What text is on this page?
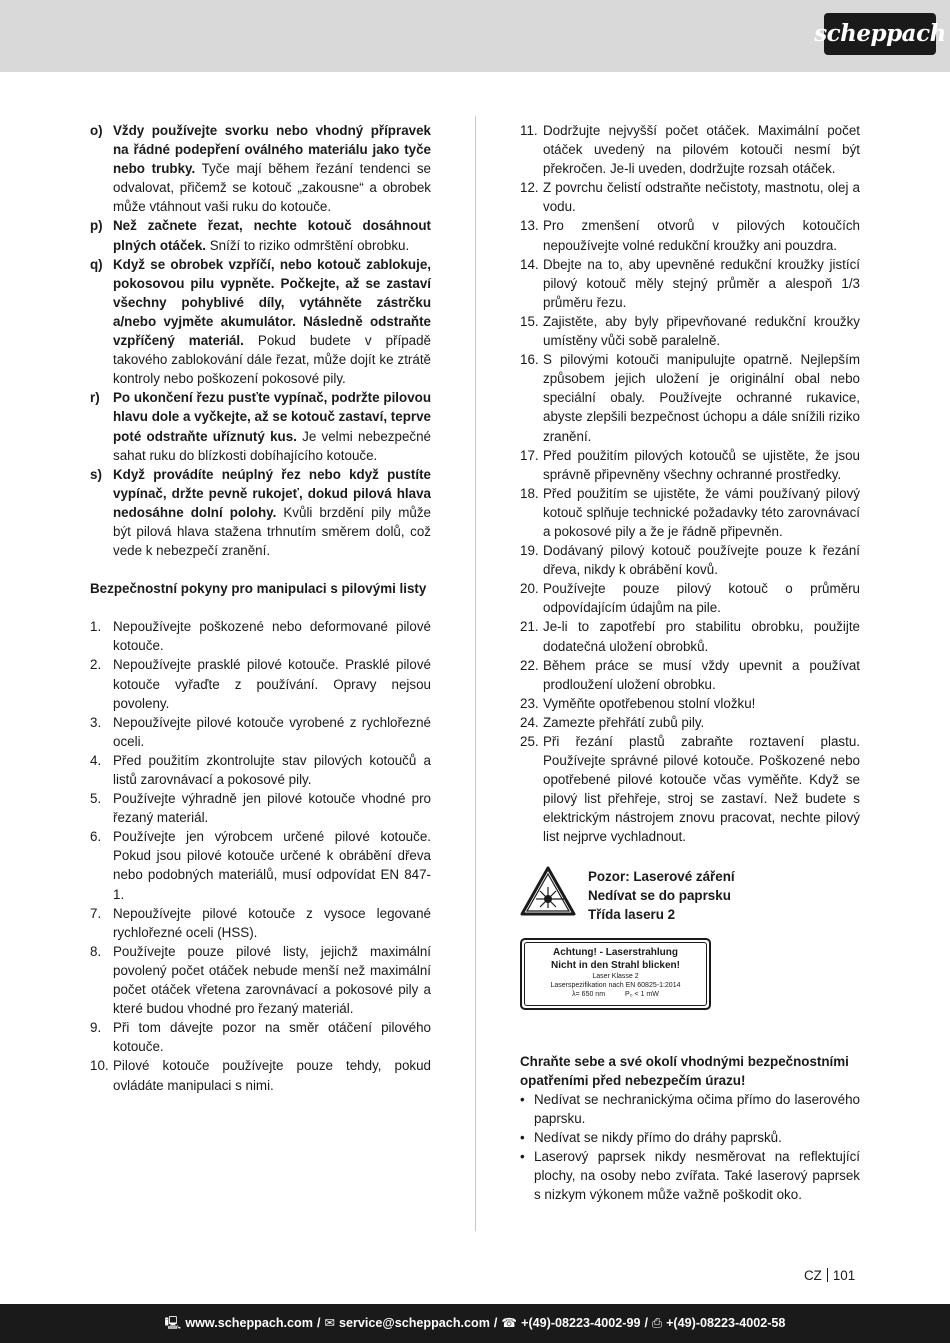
scheppach
o) Vždy používejte svorku nebo vhodný přípravek na řádné podepření oválného materiálu jako tyče nebo trubky. Tyče mají během řezání tendenci se odvalovat, přičemž se kotouč „zakousne“ a obrobek může vtáhnout vaši ruku do kotouče.
p) Než začnete řezat, nechte kotouč dosáhnout plných otáček. Sníží to riziko odmrštění obrobku.
q) Když se obrobek vzpříčí, nebo kotouč zablokuje, pokosovou pilu vypněte. Počkejte, až se zastaví všechny pohyblivé díly, vytáhněte zástrčku a/nebo vyjměte akumulátor. Následně odstraňte vzpříčený materiál. Pokud budete v případě takového zablokování dále řezat, může dojít ke ztrátě kontroly nebo poškození pokosové pily.
r) Po ukončení řezu pusťte vypínač, podržte pilovou hlavu dole a vyčkejte, až se kotouč zastaví, teprve poté odstraňte uříznutý kus. Je velmi nebezpečné sahat ruku do blízkosti dobíhajícího kotouče.
s) Když provádíte neúplný řez nebo když pustíte vypínač, držte pevně rukojeť, dokud pilová hlava nedosáhne dolní polohy. Kvůli brzdění pily může být pilová hlava stažena trhnutím směrem dolů, což vede k nebezpečí zranění.
Bezpečnostní pokyny pro manipulaci s pilovými listy
1. Nepoužívejte poškozené nebo deformované pilové kotouče.
2. Nepoužívejte prasklé pilové kotouče. Prasklé pilové kotouče vyřaďte z používání. Opravy nejsou povoleny.
3. Nepoužívejte pilové kotouče vyrobené z rychlořezné oceli.
4. Před použitím zkontrolujte stav pilových kotoučů a listů zarovnávací a pokosové pily.
5. Používejte výhradně jen pilové kotouče vhodné pro řezaný materiál.
6. Používejte jen výrobcem určené pilové kotouče. Pokud jsou pilové kotouče určené k obrábění dřeva nebo podobných materiálů, musí odpovídat EN 847-1.
7. Nepoužívejte pilové kotouče z vysoce legované rychlořezné oceli (HSS).
8. Používejte pouze pilové listy, jejichž maximální povolený počet otáček nebude menší než maximální počet otáček vřetena zarovnávací a pokosové pily a které budou vhodné pro řezaný materiál.
9. Při tom dávejte pozor na směr otáčení pilového kotouče.
10. Pilové kotouče používejte pouze tehdy, pokud ovládáte manipulaci s nimi.
11. Dodržujte nejvyšší počet otáček. Maximální počet otáček uvedený na pilovém kotouči nesmí být překročen. Je-li uveden, dodržujte rozsah otáček.
12. Z povrchu čelistí odstraňte nečistoty, mastnotu, olej a vodu.
13. Pro zmenšení otvorů v pilových kotoučích nepoužívejte volné redukční kroužky ani pouzdra.
14. Dbejte na to, aby upevněné redukční kroužky jistící pilový kotouč měly stejný průměr a alespoň 1/3 průměru řezu.
15. Zajistěte, aby byly připevňované redukční kroužky umístěny vůči sobě paralelně.
16. S pilovými kotouči manipulujte opatrně. Nejlepším způsobem jejich uložení je originální obal nebo speciální obaly. Používejte ochranné rukavice, abyste zlepšili bezpečnost úchopu a dále snížili riziko zranění.
17. Před použitím pilových kotoučů se ujistěte, že jsou správně připevněny všechny ochranné prostředky.
18. Před použitím se ujistěte, že vámi používaný pilový kotouč splňuje technické požadavky této zarovnávací a pokosové pily a že je řádně připevněn.
19. Dodávaný pilový kotouč používejte pouze k řezání dřeva, nikdy k obrábění kovů.
20. Používejte pouze pilový kotouč o průměru odpovídajícím údajům na pile.
21. Je-li to zapotřebí pro stabilitu obrobku, použijte dodatečná uložení obrobků.
22. Během práce se musí vždy upevnit a používat prodloužení uložení obrobku.
23. Vyměňte opotřebenou stolní vložku!
24. Zamezte přehřátí zubů pily.
25. Při řezání plastů zabraňte roztavení plastu. Používejte správné pilové kotouče. Poškozené nebo opotřebené pilové kotouče včas vyměňte. Když se pilový list přehřeje, stroj se zastaví. Než budete s elektrickým nástrojem znovu pracovat, nechte pilový list nejprve vychladnout.
Pozor: Laserové záření
Nedívat se do paprsku
Třída laseru 2
Achtung! - Laserstrahlung
Nicht in den Strahl blicken!
Laser Klasse 2
Laserspezifikation nach EN 60825-1:2014
λ= 650 nm	P₀ < 1 mW
Chraňte sebe a své okolí vhodnými bezpečnostními opatřeními před nebezpečím úrazu!
• Nedívat se nechranickýma očima přímo do laserového paprsku.
• Nedívat se nikdy přímo do dráhy paprsků.
• Laserový paprsek nikdy nesměrovat na reflektující plochy, na osoby nebo zvířata. Také laserový paprsek s nizkym výkonem může važně poškodit oko.
CZ 101
🖳 www.scheppach.com / ✉ service@scheppach.com / ☎ +(49)-08223-4002-99 / ⎙ +(49)-08223-4002-58
